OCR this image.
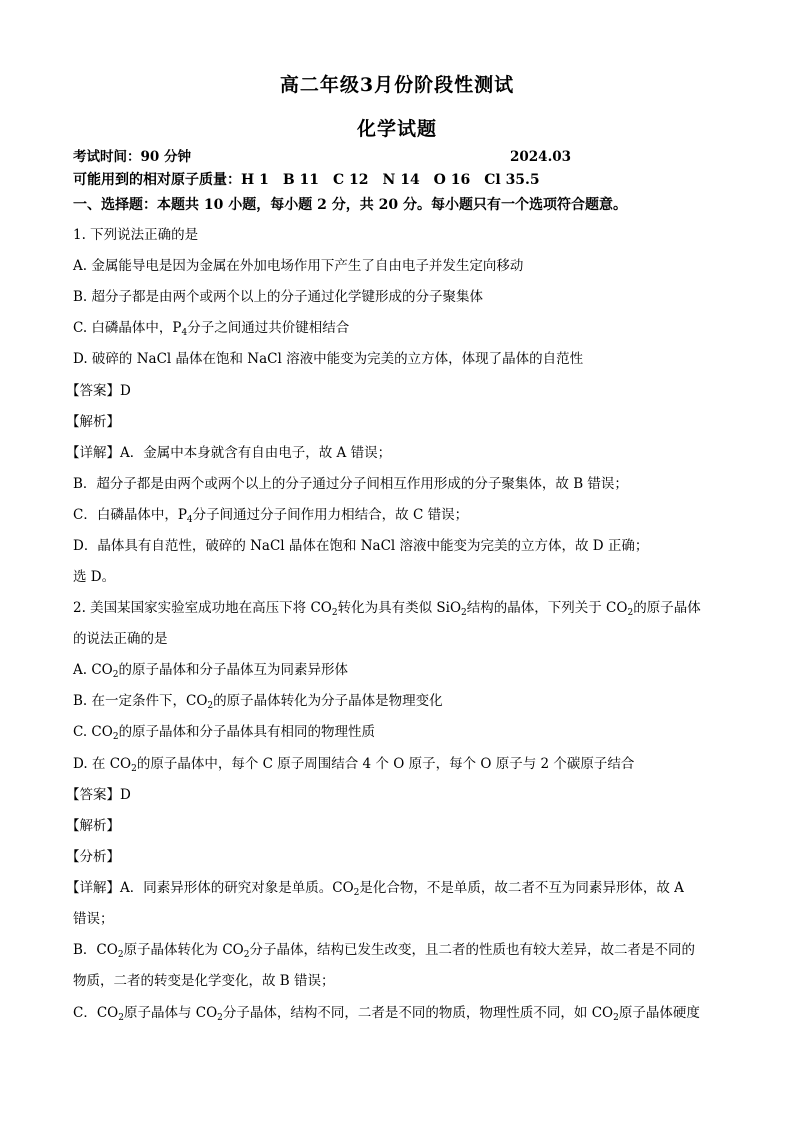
高二年级3月份阶段性测试
化学试题
考试时间：90 分钟	2024.03
可能用到的相对原子质量：H 1　B 11　C 12　N 14　O 16　Cl 35.5
一、选择题：本题共 10 小题，每小题 2 分，共 20 分。每小题只有一个选项符合题意。
1. 下列说法正确的是
A. 金属能导电是因为金属在外加电场作用下产生了自由电子并发生定向移动
B. 超分子都是由两个或两个以上的分子通过化学键形成的分子聚集体
C. 白磷晶体中，$P_4$分子之间通过共价键相结合
D. 破碎的 NaCl 晶体在饱和 NaCl 溶液中能变为完美的立方体，体现了晶体的自范性
【答案】D
【解析】
【详解】A．金属中本身就含有自由电子，故 A 错误；
B．超分子都是由两个或两个以上的分子通过分子间相互作用形成的分子聚集体，故 B 错误；
C．白磷晶体中，$P_4$分子间通过分子间作用力相结合，故 C 错误；
D．晶体具有自范性，破碎的 NaCl 晶体在饱和 NaCl 溶液中能变为完美的立方体，故 D 正确；
选 D。
2. 美国某国家实验室成功地在高压下将 $CO_2$转化为具有类似 SiO$_2$结构的晶体，下列关于 $CO_2$的原子晶体
的说法正确的是
A. $CO_2$的原子晶体和分子晶体互为同素异形体
B. 在一定条件下，$CO_2$的原子晶体转化为分子晶体是物理变化
C. $CO_2$的原子晶体和分子晶体具有相同的物理性质
D. 在 $CO_2$的原子晶体中，每个 C 原子周围结合 4 个 O 原子，每个 O 原子与 2 个碳原子结合
【答案】D
【解析】
【分析】
【详解】A．同素异形体的研究对象是单质。$CO_2$是化合物，不是单质，故二者不互为同素异形体，故 A
错误；
B．$CO_2$原子晶体转化为 $CO_2$分子晶体，结构已发生改变，且二者的性质也有较大差异，故二者是不同的
物质，二者的转变是化学变化，故 B 错误；
C．$CO_2$原子晶体与 $CO_2$分子晶体，结构不同，二者是不同的物质，物理性质不同，如 $CO_2$原子晶体硬度
